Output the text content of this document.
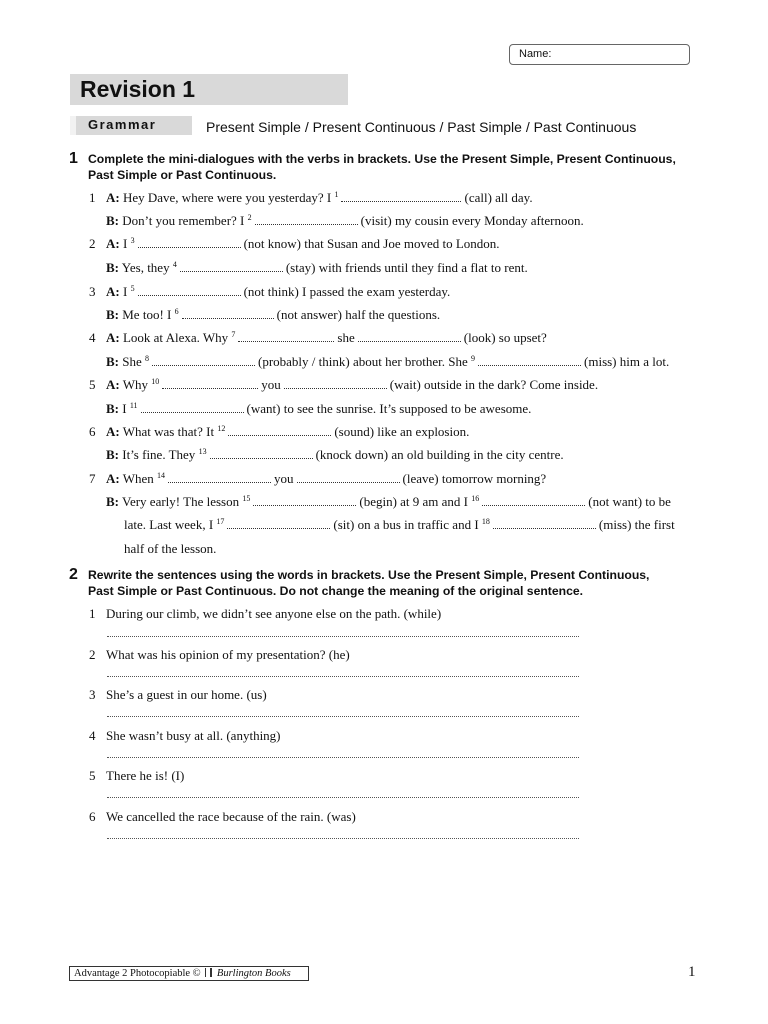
Name:
Revision 1
Grammar	Present Simple / Present Continuous / Past Simple / Past Continuous
1 Complete the mini-dialogues with the verbs in brackets. Use the Present Simple, Present Continuous,
Past Simple or Past Continuous.
1 A: Hey Dave, where were you yesterday? I $^1$	(call) all day.
B: Don’t you remember? I $^2$	(visit) my cousin every Monday afternoon.
2 A: I $^3$	(not know) that Susan and Joe moved to London.
B: Yes, they $^4$	(stay) with friends until they find a flat to rent.
3 A: I $^5$	(not think) I passed the exam yesterday.
B: Me too! I $^6$	(not answer) half the questions.
4 A: Look at Alexa. Why $^7$	she	(look) so upset?
B: She $^8$	(probably / think) about her brother. She $^9$	(miss) him a lot.
5 A: Why $^{10}$	you	(wait) outside in the dark? Come inside.
B: I $^{11}$	(want) to see the sunrise. It’s supposed to be awesome.
6 A: What was that? It $^{12}$	(sound) like an explosion.
B: It’s fine. They $^{13}$	(knock down) an old building in the city centre.
7 A: When $^{14}$	you	(leave) tomorrow morning?
B: Very early! The lesson $^{15}$	(begin) at 9 am and I $^{16}$	(not want) to be
late. Last week, I $^{17}$	(sit) on a bus in traffic and I $^{18}$	(miss) the first
half of the lesson.
2 Rewrite the sentences using the words in brackets. Use the Present Simple, Present Continuous,
Past Simple or Past Continuous. Do not change the meaning of the original sentence.
1 During our climb, we didn’t see anyone else on the path. (while)
2 What was his opinion of my presentation? (he)
3 She’s a guest in our home. (us)
4 She wasn’t busy at all. (anything)
5 There he is! (I)
6 We cancelled the race because of the rain. (was)
Advantage 2 Photocopiable © Burlington Books	1
